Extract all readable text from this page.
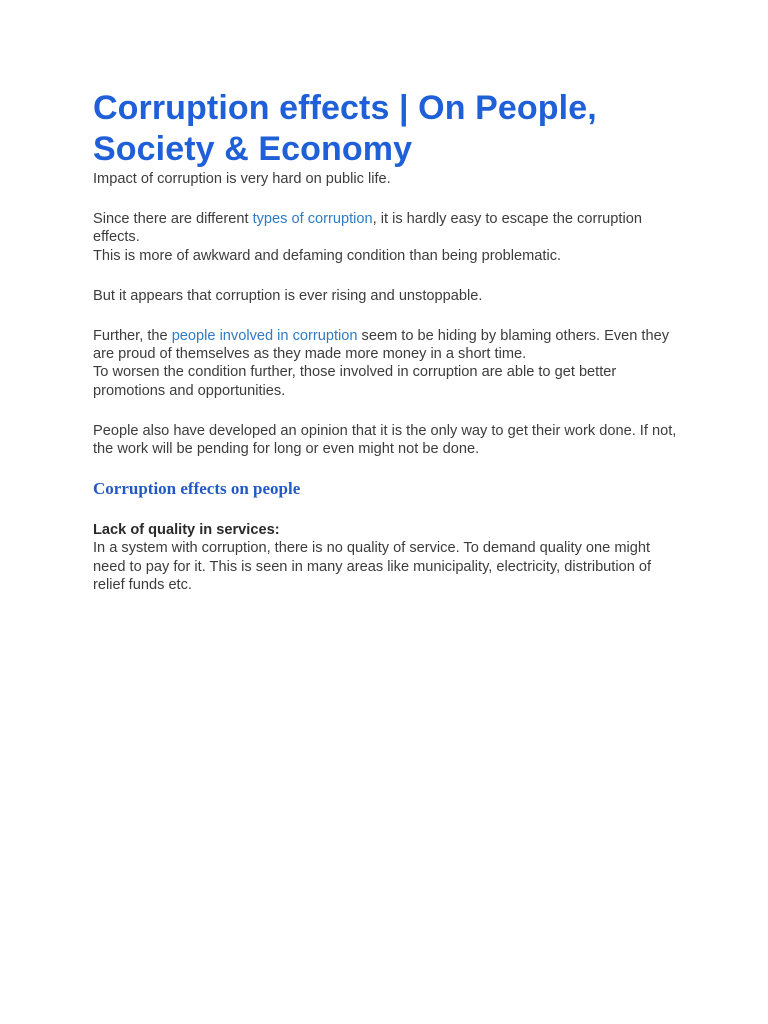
Corruption effects | On People, Society & Economy

Impact of corruption is very hard on public life.

Since there are different types of corruption, it is hardly easy to escape the corruption effects.

This is more of awkward and defaming condition than being problematic.

But it appears that corruption is ever rising and unstoppable.

Further, the people involved in corruption seem to be hiding by blaming others. Even they are proud of themselves as they made more money in a short time.

To worsen the condition further, those involved in corruption are able to get better promotions and opportunities.

People also have developed an opinion that it is the only way to get their work done. If not, the work will be pending for long or even might not be done.

Corruption effects on people

Lack of quality in services:

In a system with corruption, there is no quality of service. To demand quality one might need to pay for it. This is seen in many areas like municipality, electricity, distribution of relief funds etc.
